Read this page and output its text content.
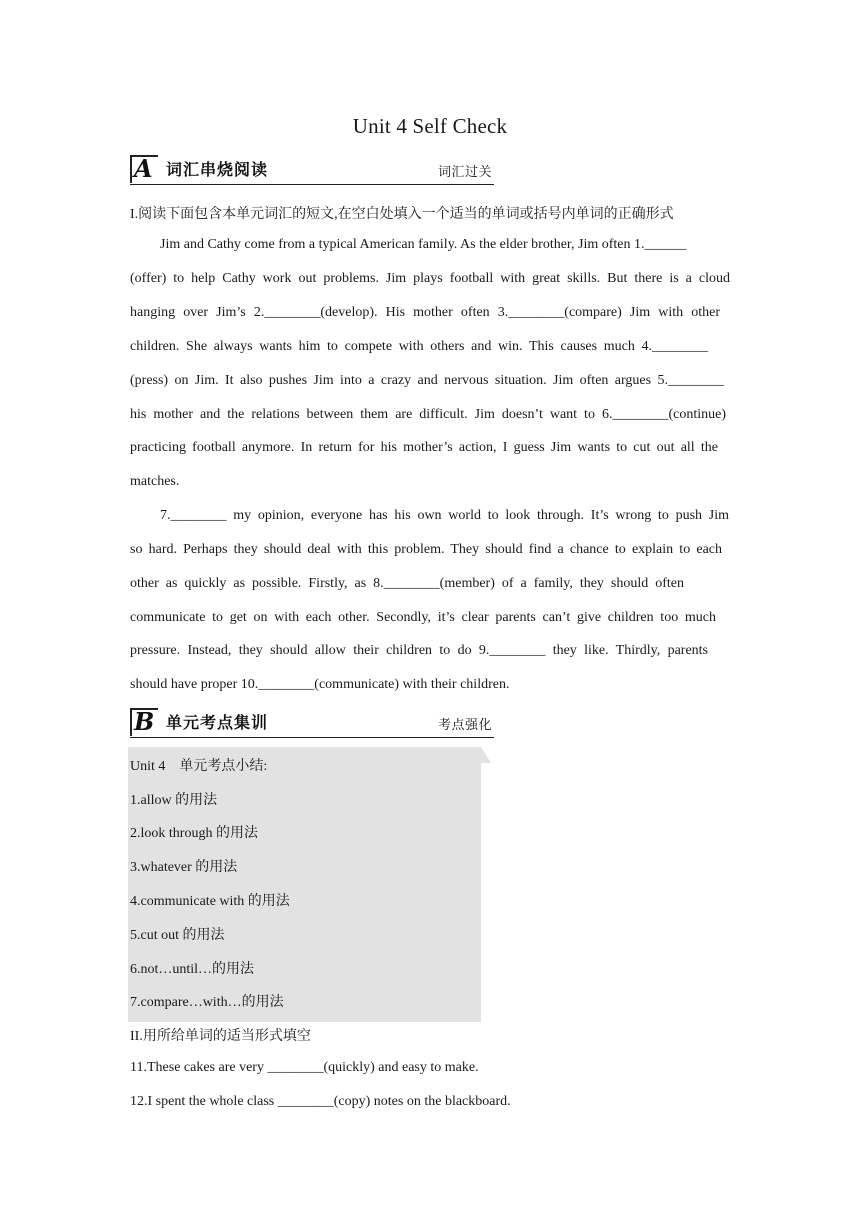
Unit 4 Self Check
A 词汇串烧阅读	词汇过关
I.阅读下面包含本单元词汇的短文,在空白处填入一个适当的单词或括号内单词的正确形式
Jim and Cathy come from a typical American family. As the elder brother, Jim often 1.______
(offer) to help Cathy work out problems. Jim plays football with great skills. But there is a cloud
hanging over Jim’s 2.________(develop). His mother often 3.________(compare) Jim with other
children. She always wants him to compete with others and win. This causes much 4.________
(press) on Jim. It also pushes Jim into a crazy and nervous situation. Jim often argues 5.________
his mother and the relations between them are difficult. Jim doesn’t want to 6.________(continue)
practicing football anymore. In return for his mother’s action, I guess Jim wants to cut out all the
matches.
7.________ my opinion, everyone has his own world to look through. It’s wrong to push Jim
so hard. Perhaps they should deal with this problem. They should find a chance to explain to each
other as quickly as possible. Firstly, as 8.________(member) of a family, they should often
communicate to get on with each other. Secondly, it’s clear parents can’t give children too much
pressure. Instead, they should allow their children to do 9.________ they like. Thirdly, parents
should have proper 10.________(communicate) with their children.
B 单元考点集训	考点强化
Unit 4　单元考点小结:
1.allow 的用法
2.look through 的用法
3.whatever 的用法
4.communicate with 的用法
5.cut out 的用法
6.not…until…的用法
7.compare…with…的用法
II.用所给单词的适当形式填空
11.These cakes are very ________(quickly) and easy to make.
12.I spent the whole class ________(copy) notes on the blackboard.
